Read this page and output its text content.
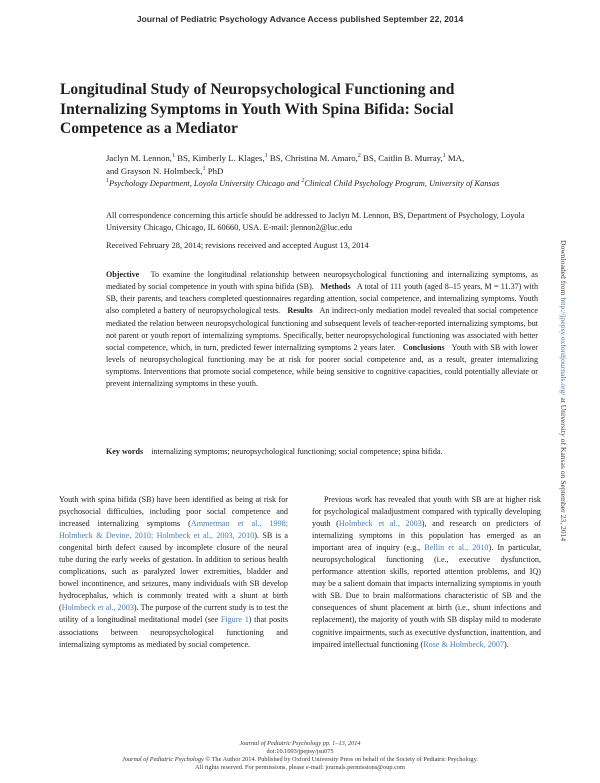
Journal of Pediatric Psychology Advance Access published September 22, 2014
Longitudinal Study of Neuropsychological Functioning and Internalizing Symptoms in Youth With Spina Bifida: Social Competence as a Mediator
Jaclyn M. Lennon,$^1$ BS, Kimberly L. Klages,$^1$ BS, Christina M. Amaro,$^2$ BS, Caitlin B. Murray,$^1$ MA,
and Grayson N. Holmbeck,$^1$ PhD
$^1$Psychology Department, Loyola University Chicago and $^2$Clinical Child Psychology Program, University of Kansas
All correspondence concerning this article should be addressed to Jaclyn M. Lennon, BS, Department of Psychology, Loyola University Chicago, Chicago, IL 60660, USA. E-mail: jlennon2@luc.edu
Received February 28, 2014; revisions received and accepted August 13, 2014
Objective To examine the longitudinal relationship between neuropsychological functioning and internalizing symptoms, as mediated by social competence in youth with spina bifida (SB). Methods A total of 111 youth (aged 8–15 years, M = 11.37) with SB, their parents, and teachers completed questionnaires regarding attention, social competence, and internalizing symptoms. Youth also completed a battery of neuropsychological tests. Results An indirect-only mediation model revealed that social competence mediated the relation between neuropsychological functioning and subsequent levels of teacher-reported internalizing symptoms, but not parent or youth report of internalizing symptoms. Specifically, better neuropsychological functioning was associated with better social competence, which, in turn, predicted fewer internalizing symptoms 2 years later. Conclusions Youth with SB with lower levels of neuropsychological functioning may be at risk for poorer social competence and, as a result, greater internalizing symptoms. Interventions that promote social competence, while being sensitive to cognitive capacities, could potentially alleviate or prevent internalizing symptoms in these youth.
Key words internalizing symptoms; neuropsychological functioning; social competence; spina bifida.
Youth with spina bifida (SB) have been identified as being at risk for psychosocial difficulties, including poor social competence and increased internalizing symptoms (Ammerman et al., 1998; Holmbeck & Devine, 2010; Holmbeck et al., 2003, 2010). SB is a congenital birth defect caused by incomplete closure of the neural tube during the early weeks of gestation. In addition to serious health complications, such as paralyzed lower extremities, bladder and bowel incontinence, and seizures, many individuals with SB develop hydrocephalus, which is commonly treated with a shunt at birth (Holmbeck et al., 2003). The purpose of the current study is to test the utility of a longitudinal meditational model (see Figure 1) that posits associations between neuropsychological functioning and internalizing symptoms as mediated by social competence.
Previous work has revealed that youth with SB are at higher risk for psychological maladjustment compared with typically developing youth (Holmbeck et al., 2003), and research on predictors of internalizing symptoms in this population has emerged as an important area of inquiry (e.g., Bellin et al., 2010). In particular, neuropsychological functioning (i.e., executive dysfunction, performance attention skills, reported attention problems, and IQ) may be a salient domain that impacts internalizing symptoms in youth with SB. Due to brain malformations characteristic of SB and the consequences of shunt placement at birth (i.e., shunt infections and replacement), the majority of youth with SB display mild to moderate cognitive impairments, such as executive dysfunction, inattention, and impaired intellectual functioning (Rose & Holmbeck, 2007).
Journal of Pediatric Psychology pp. 1–13, 2014
doi:10.1093/jpepsy/jsu075
Journal of Pediatric Psychology © The Author 2014. Published by Oxford University Press on behalf of the Society of Pediatric Psychology.
All rights reserved. For permissions, please e-mail: journals.permissions@oup.com
Downloaded from http://jpepsy.oxfordjournals.org/ at University of Kansas on September 23, 2014
